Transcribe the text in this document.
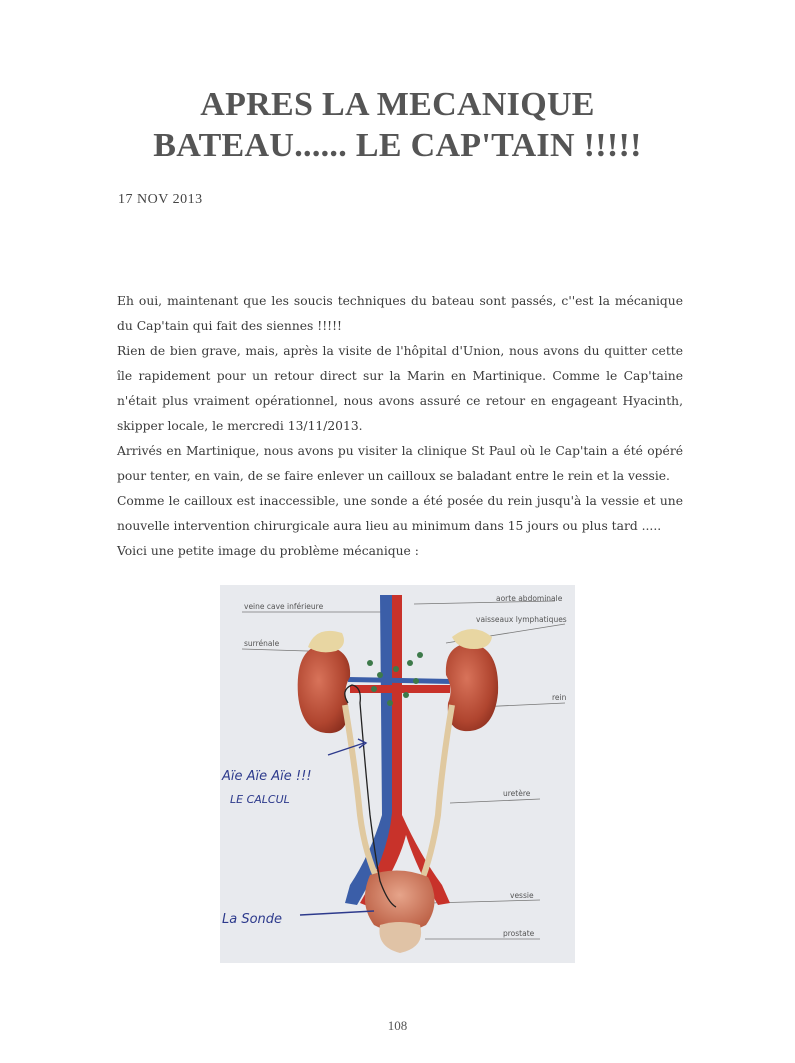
APRES LA MECANIQUE
BATEAU...... LE CAP'TAIN !!!!!
17 NOV 2013

Eh oui, maintenant que les soucis techniques du bateau sont passés, c''est la mécanique du Cap'tain qui fait des siennes !!!!!

Rien de bien grave, mais, après la visite de l'hôpital d'Union, nous avons du quitter cette île rapidement pour un retour direct sur la Marin en Martinique. Comme le Cap'taine n'était plus vraiment opérationnel, nous avons assuré ce retour en engageant Hyacinth, skipper locale, le mercredi 13/11/2013.

Arrivés en Martinique, nous avons pu visiter la clinique St Paul où le Cap'tain a été opéré pour tenter, en vain, de se faire enlever un cailloux se baladant entre le rein et la vessie.

Comme le cailloux est inaccessible, une sonde a été posée du rein jusqu'à la vessie et une nouvelle intervention chirurgicale aura lieu au minimum dans 15 jours ou plus tard .....

Voici une petite image du problème mécanique :

veine cave inférieure
aorte abdominale
vaisseaux lymphatiques
surrénale
rein
uretère
vessie
prostate
Aïe Aïe Aïe !!!
LE CALCUL
La Sonde
108
